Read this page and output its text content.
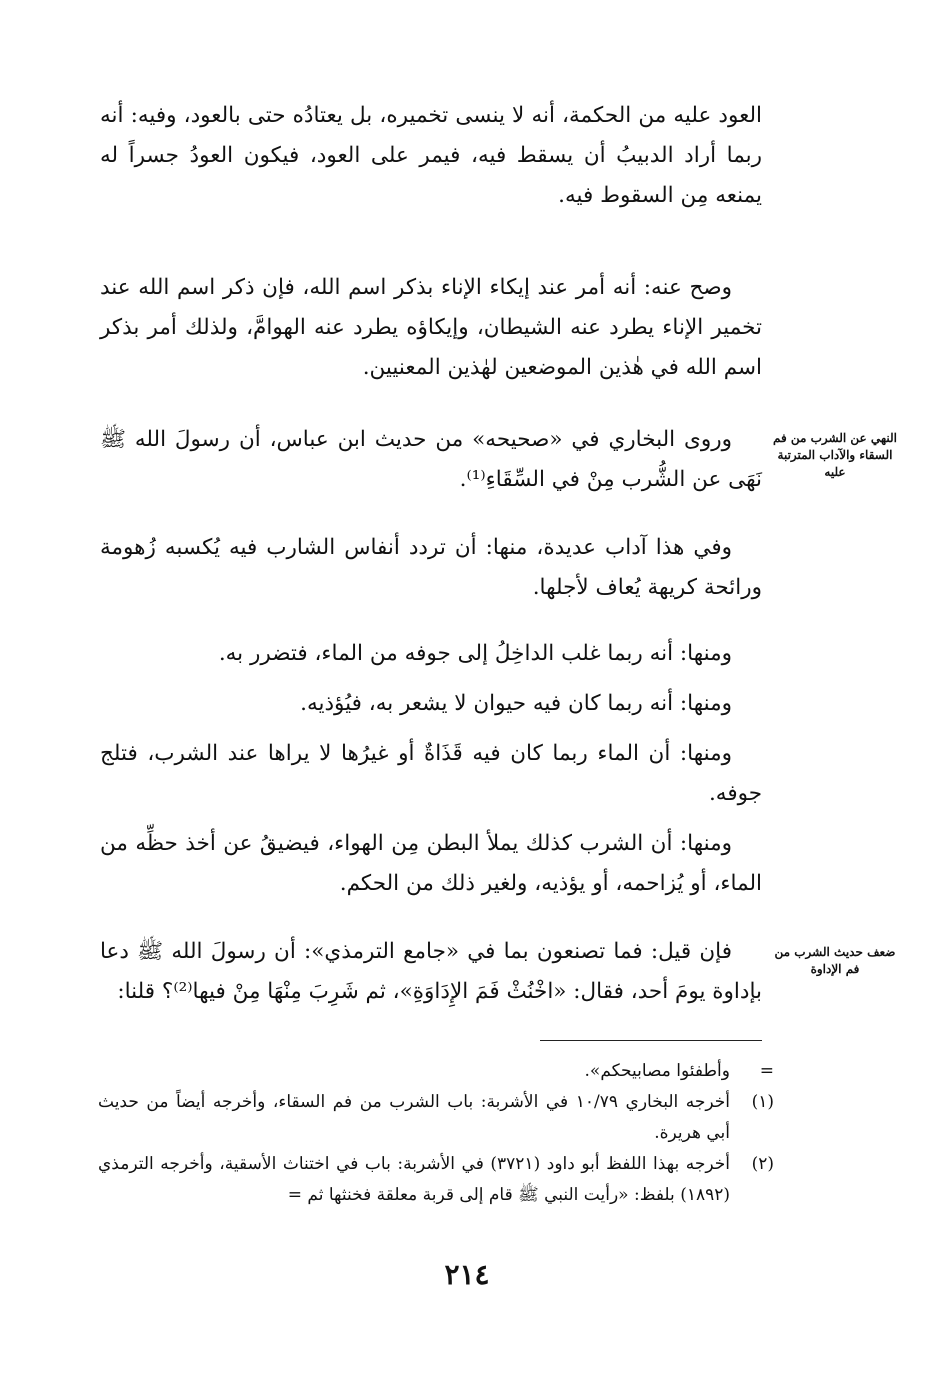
العود عليه من الحكمة، أنه لا ينسى تخميره، بل يعتادُه حتى بالعود، وفيه: أنه ربما أراد الدبيبُ أن يسقط فيه، فيمر على العود، فيكون العودُ جسراً له يمنعه مِن السقوط فيه.

وصح عنه: أنه أمر عند إيكاء الإناء بذكر اسم الله، فإن ذكر اسم الله عند تخمير الإناء يطرد عنه الشيطان، وإيكاؤه يطرد عنه الهوامَّ، ولذلك أمر بذكر اسم الله في هٰذين الموضعين لهٰذين المعنيين.

النهي عن الشرب من فم السقاء والآداب المترتبة عليه

وروى البخاري في «صحيحه» من حديث ابن عباس، أن رسولَ الله ﷺ نَهَى عن الشُّرب مِنْ في السِّقَاءِ⁽¹⁾.

وفي هذا آداب عديدة، منها: أن تردد أنفاس الشارب فيه يُكسبه زُهومة ورائحة كريهة يُعاف لأجلها.

ومنها: أنه ربما غلب الداخِلُ إلى جوفه من الماء، فتضرر به.

ومنها: أنه ربما كان فيه حيوان لا يشعر به، فيُؤذيه.

ومنها: أن الماء ربما كان فيه قَذَاةٌ أو غيرُها لا يراها عند الشرب، فتلج جوفه.

ومنها: أن الشرب كذلك يملأ البطن مِن الهواء، فيضيقُ عن أخذ حظِّه من الماء، أو يُزاحمه، أو يؤذيه، ولغير ذلك من الحكم.

ضعف حديث الشرب من فم الإداوة

فإن قيل: فما تصنعون بما في «جامع الترمذي»: أن رسولَ الله ﷺ دعا بإداوة يومَ أحد، فقال: «اخْنُثْ فَمَ الإِدَاوَةِ»، ثم شَرِبَ مِنْهَا مِنْ فيها⁽²⁾؟ قلنا:

=
وأطفئوا مصابيحكم».
(١)
أخرجه البخاري ١٠/٧٩ في الأشربة: باب الشرب من فم السقاء، وأخرجه أيضاً من حديث أبي هريرة.
(٢)
أخرجه بهذا اللفظ أبو داود (٣٧٢١) في الأشربة: باب في اختناث الأسقية، وأخرجه الترمذي (١٨٩٢) بلفظ: «رأيت النبي ﷺ قام إلى قربة معلقة فخنثها ثم =
٢١٤
